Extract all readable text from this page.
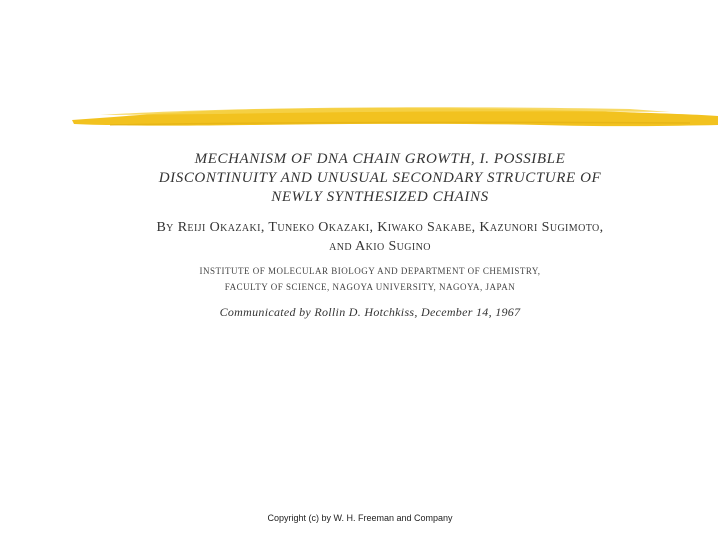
MECHANISM OF DNA CHAIN GROWTH, I. POSSIBLE
DISCONTINUITY AND UNUSUAL SECONDARY STRUCTURE OF
NEWLY SYNTHESIZED CHAINS
By Reiji Okazaki, Tuneko Okazaki, Kiwako Sakabe, Kazunori Sugimoto,
and Akio Sugino
INSTITUTE OF MOLECULAR BIOLOGY AND DEPARTMENT OF CHEMISTRY,
FACULTY OF SCIENCE, NAGOYA UNIVERSITY, NAGOYA, JAPAN
Communicated by Rollin D. Hotchkiss, December 14, 1967
Copyright (c) by W. H. Freeman and Company
